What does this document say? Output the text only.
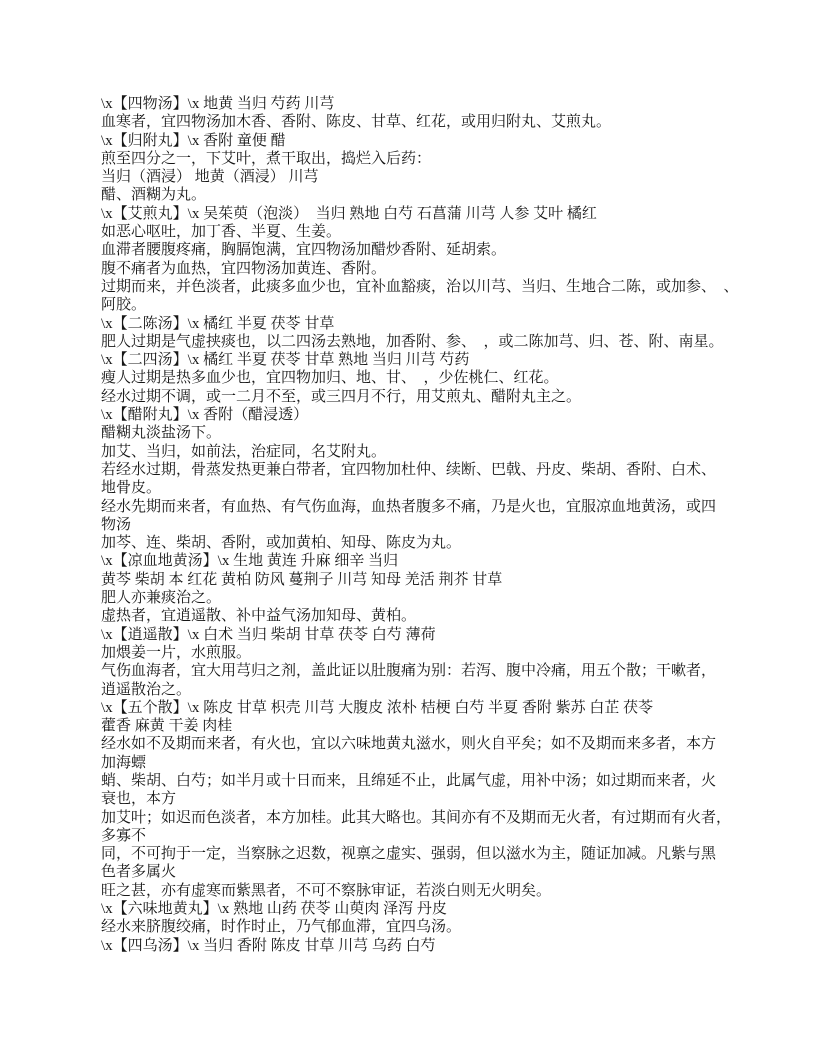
\x【四物汤】\x 地黄 当归 芍药 川芎
血寒者，宜四物汤加木香、香附、陈皮、甘草、红花，或用归附丸、艾煎丸。
\x【归附丸】\x 香附 童便 醋
煎至四分之一，下艾叶，煮干取出，捣烂入后药：
当归（酒浸） 地黄（酒浸） 川芎
醋、酒糊为丸。
\x【艾煎丸】\x 吴茱萸（泡淡）　当归 熟地 白芍 石菖蒲 川芎 人参 艾叶 橘红
如恶心呕吐，加丁香、半夏、生姜。
血滞者腰腹疼痛，胸膈饱满，宜四物汤加醋炒香附、延胡索。
腹不痛者为血热，宜四物汤加黄连、香附。
过期而来，并色淡者，此痰多血少也，宜补血豁痰，治以川芎、当归、生地合二陈，或加参、　、
阿胶。
\x【二陈汤】\x 橘红 半夏 茯苓 甘草
肥人过期是气虚挟痰也，以二四汤去熟地，加香附、参、　，或二陈加芎、归、苍、附、南星。
\x【二四汤】\x 橘红 半夏 茯苓 甘草 熟地 当归 川芎 芍药
瘦人过期是热多血少也，宜四物加归、地、甘、　，少佐桃仁、红花。
经水过期不调，或一二月不至，或三四月不行，用艾煎丸、醋附丸主之。
\x【醋附丸】\x 香附（醋浸透）
醋糊丸淡盐汤下。
加艾、当归，如前法，治症同，名艾附丸。
若经水过期，骨蒸发热更兼白带者，宜四物加杜仲、续断、巴戟、丹皮、柴胡、香附、白术、
地骨皮。
经水先期而来者，有血热、有气伤血海，血热者腹多不痛，乃是火也，宜服凉血地黄汤，或四
物汤
加芩、连、柴胡、香附，或加黄柏、知母、陈皮为丸。
\x【凉血地黄汤】\x 生地 黄连 升麻 细辛 当归
黄芩 柴胡 本 红花 黄柏 防风 蔓荆子 川芎 知母 羌活 荆芥 甘草
肥人亦兼痰治之。
虚热者，宜逍遥散、补中益气汤加知母、黄柏。
\x【逍遥散】\x 白术 当归 柴胡 甘草 茯苓 白芍 薄荷
加煨姜一片，水煎服。
气伤血海者，宜大用芎归之剂，盖此证以肚腹痛为别：若泻、腹中冷痛，用五个散；干嗽者，
逍遥散治之。
\x【五个散】\x 陈皮 甘草 枳壳 川芎 大腹皮 浓朴 桔梗 白芍 半夏 香附 紫苏 白芷 茯苓
藿香 麻黄 干姜 肉桂
经水如不及期而来者，有火也，宜以六味地黄丸滋水，则火自平矣；如不及期而来多者，本方
加海螵
蛸、柴胡、白芍；如半月或十日而来，且绵延不止，此属气虚，用补中汤；如过期而来者，火
衰也，本方
加艾叶；如迟而色淡者，本方加桂。此其大略也。其间亦有不及期而无火者，有过期而有火者，
多寡不
同，不可拘于一定，当察脉之迟数，视禀之虚实、强弱，但以滋水为主，随证加减。凡紫与黑
色者多属火
旺之甚，亦有虚寒而紫黑者，不可不察脉审证，若淡白则无火明矣。
\x【六味地黄丸】\x 熟地 山药 茯苓 山萸肉 泽泻 丹皮
经水来脐腹绞痛，时作时止，乃气郁血滞，宜四乌汤。
\x【四乌汤】\x 当归 香附 陈皮 甘草 川芎 乌药 白芍
